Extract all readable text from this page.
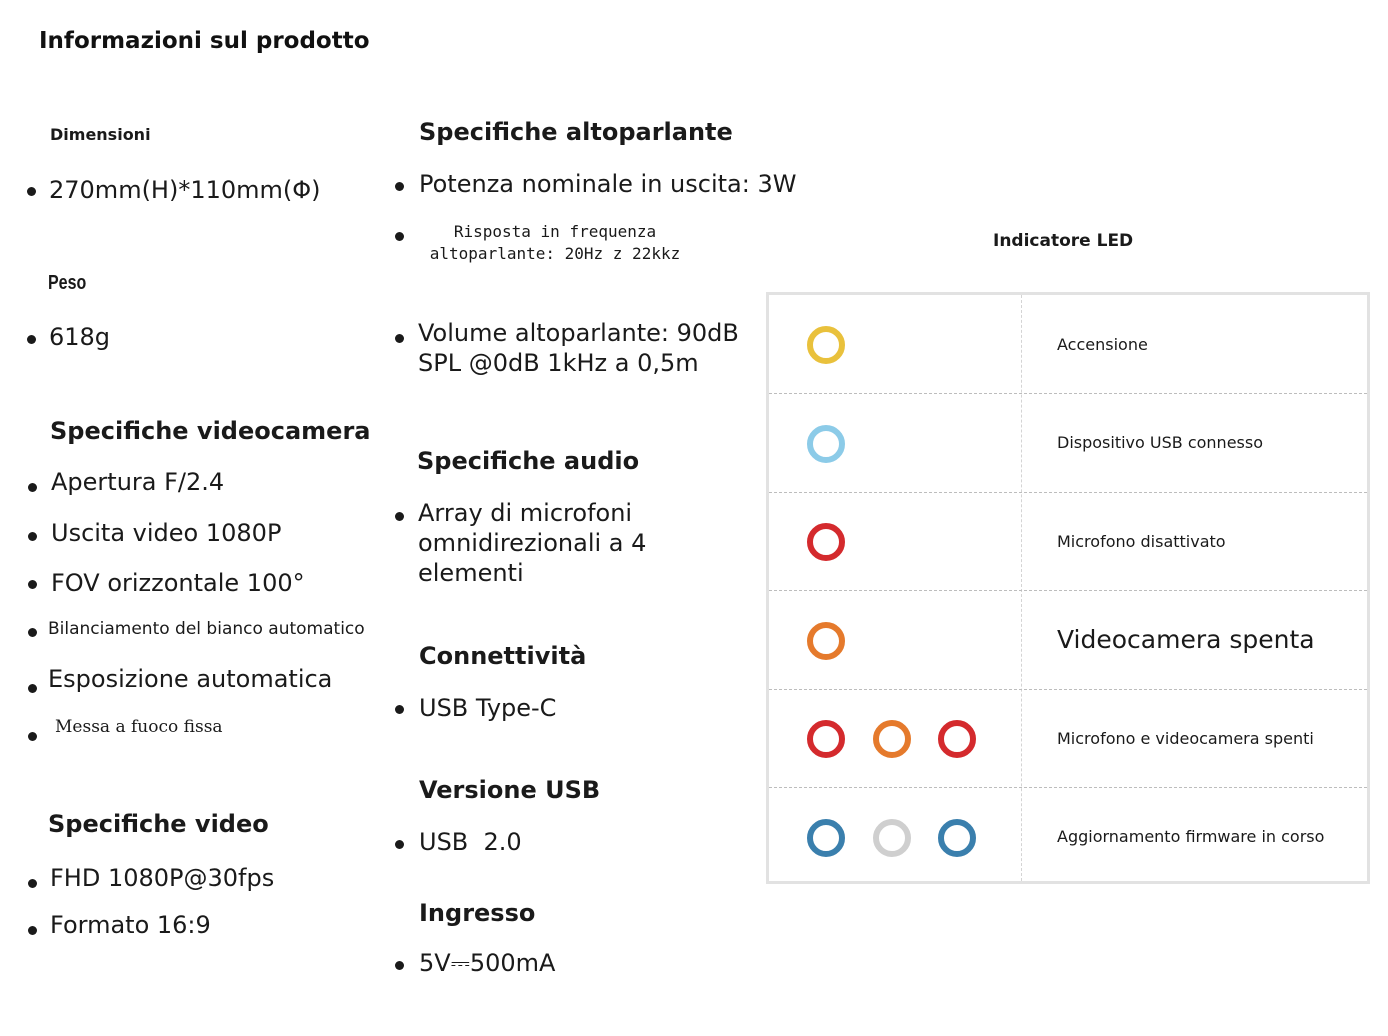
Informazioni sul prodotto
Dimensioni
270mm(H)*110mm(Φ)
Peso
618g
Specifiche videocamera
Apertura F/2.4
Uscita video 1080P
FOV orizzontale 100°
Bilanciamento del bianco automatico
Esposizione automatica
Messa a fuoco fissa
Specifiche video
FHD 1080P@30fps
Formato 16:9
Specifiche altoparlante
Potenza nominale in uscita: 3W
Risposta in frequenza altoparlante: 20Hz z 22kkz
Volume altoparlante: 90dB SPL @0dB 1kHz a 0,5m
Specifiche audio
Array di microfoni omnidirezionali a 4 elementi
Connettività
USB Type-C
Versione USB
USB  2.0
Ingresso
5V⎓500mA
Indicatore LED
Accensione
Dispositivo USB connesso
Microfono disattivato
Videocamera spenta
Microfono e videocamera spenti
Aggiornamento firmware in corso
